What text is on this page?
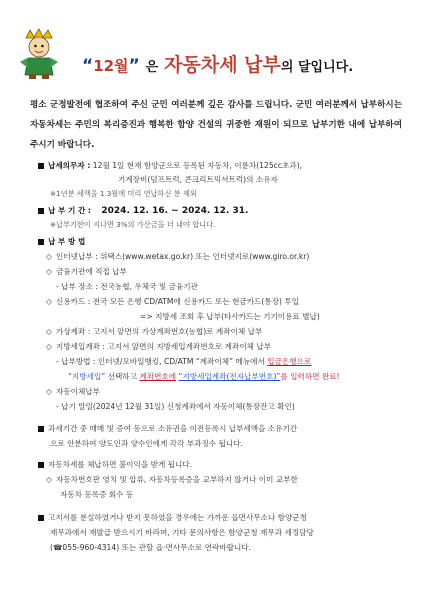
“12월” 은 자동차세 납부의 달입니다.
평소 군정발전에 협조하여 주신 군민 여러분께 깊은 감사를 드립니다. 군민 여러분께서 납부하시는 자동차세는 주민의 복리증진과 행복한 함양 건설의 귀중한 재원이 되므로 납부기한 내에 납부하여 주시기 바랍니다.
납세의무자 : 12월 1일 현재 함양군으로 등록된 자동차, 이륜차(125cc초과),
기계장비(덤프트럭, 콘크리트믹서트럭)의 소유자
※1년분 세액을 1.3월에 미리 연납하신 분 제외
납 부 기 간 : 2024. 12. 16. ~ 2024. 12. 31.
※납부기한이 지나면 3%의 가산금을 더 내야 합니다.
납 부 방 법
◇ 인터넷납부 : 위택스(www.wetax.go.kr) 또는 인터넷지로(www.giro.or.kr)
◇ 금융기관에 직접 납부
- 납부 장소 : 전국농협, 우체국 및 금융기관
◇ 신용카드 : 전국 모든 은행 CD/ATM에 신용카드 또는 현금카드(통장) 투입
=> 지방세 조회 후 납부(타사카드는 기기이용료 별납)
◇ 가상계좌 : 고지서 앞면의 가상계좌번호(농협)로 계좌이체 납부
◇ 지방세입계좌 : 고지서 앞면의 지방세입계좌번호로 계좌이체 납부
- 납부방법 : 인터넷/모바일뱅킹, CD/ATM “계좌이체” 메뉴에서 입금은행으로
“지방세입” 선택하고 계좌번호에 “지방세입계좌(전자납부번호)”를 입력하면 완료!
◇ 자동이체납부
- 납기 말일(2024년 12월 31일) 신청계좌에서 자동이체(통장잔고 확인)
과세기간 중 매매 및 증여 등으로 소유권을 이전등록시 납부세액을 소유기간
으로 안분하여 양도인과 양수인에게 각각 부과징수 됩니다.
자동차세를 체납하면 불이익을 받게 됩니다.
◇ 자동차번호판 영치 및 압류, 자동차등록증을 교부하지 않거나 이미 교부한
자동차 등록증 회수 등
고지서를 분실하였거나 받지 못하였을 경우에는 가까운 읍면사무소나 함양군청
재무과에서 재발급 받으시기 바라며, 기타 문의사항은 함양군청 재무과 세정담당
(☎055-960-4314) 또는 관할 읍·면사무소로 연락바랍니다.
